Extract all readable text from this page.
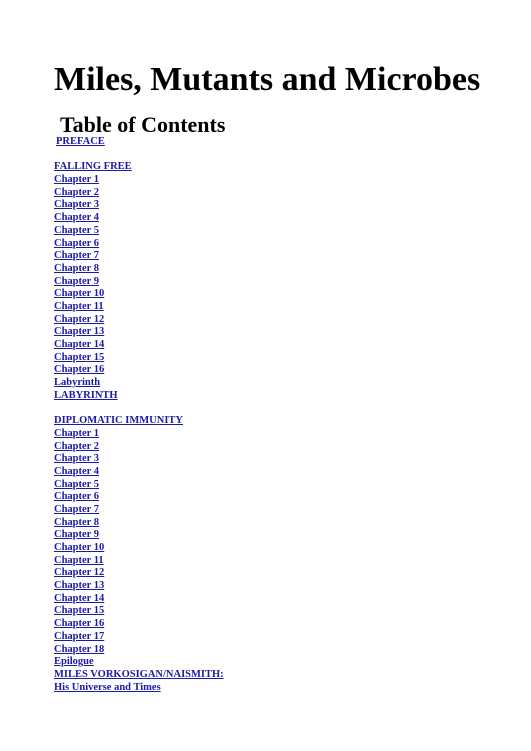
Miles, Mutants and Microbes
Table of Contents
PREFACE
FALLING FREE
Chapter 1
Chapter 2
Chapter 3
Chapter 4
Chapter 5
Chapter 6
Chapter 7
Chapter 8
Chapter 9
Chapter 10
Chapter 11
Chapter 12
Chapter 13
Chapter 14
Chapter 15
Chapter 16
Labyrinth
LABYRINTH
DIPLOMATIC IMMUNITY
Chapter 1
Chapter 2
Chapter 3
Chapter 4
Chapter 5
Chapter 6
Chapter 7
Chapter 8
Chapter 9
Chapter 10
Chapter 11
Chapter 12
Chapter 13
Chapter 14
Chapter 15
Chapter 16
Chapter 17
Chapter 18
Epilogue
MILES VORKOSIGAN/NAISMITH:
His Universe and Times
